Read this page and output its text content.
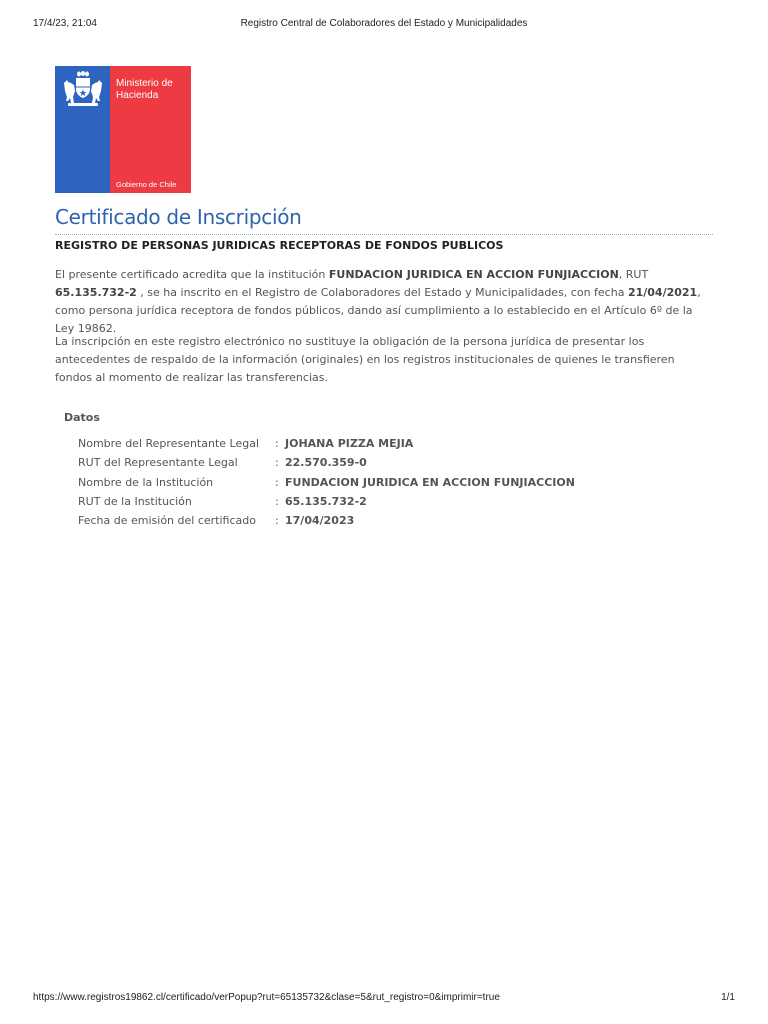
17/4/23, 21:04	Registro Central de Colaboradores del Estado y Municipalidades
Ministerio de
Hacienda
Gobierno de Chile
Certificado de Inscripción
REGISTRO DE PERSONAS JURIDICAS RECEPTORAS DE FONDOS PUBLICOS
El presente certificado acredita que la institución FUNDACION JURIDICA EN ACCION FUNJIACCION, RUT 65.135.732-2 , se ha inscrito en el Registro de Colaboradores del Estado y Municipalidades, con fecha 21/04/2021, como persona jurídica receptora de fondos públicos, dando así cumplimiento a lo establecido en el Artículo 6º de la Ley 19862.
La inscripción en este registro electrónico no sustituye la obligación de la persona jurídica de presentar los antecedentes de respaldo de la información (originales) en los registros institucionales de quienes le transfieren fondos al momento de realizar las transferencias.
Datos
Nombre del Representante Legal : JOHANA PIZZA MEJIA
RUT del Representante Legal	: 22.570.359-0
Nombre de la Institución	: FUNDACION JURIDICA EN ACCION FUNJIACCION
RUT de la Institución	: 65.135.732-2
Fecha de emisión del certificado : 17/04/2023
https://www.registros19862.cl/certificado/verPopup?rut=65135732&clase=5&rut_registro=0&imprimir=true	1/1
